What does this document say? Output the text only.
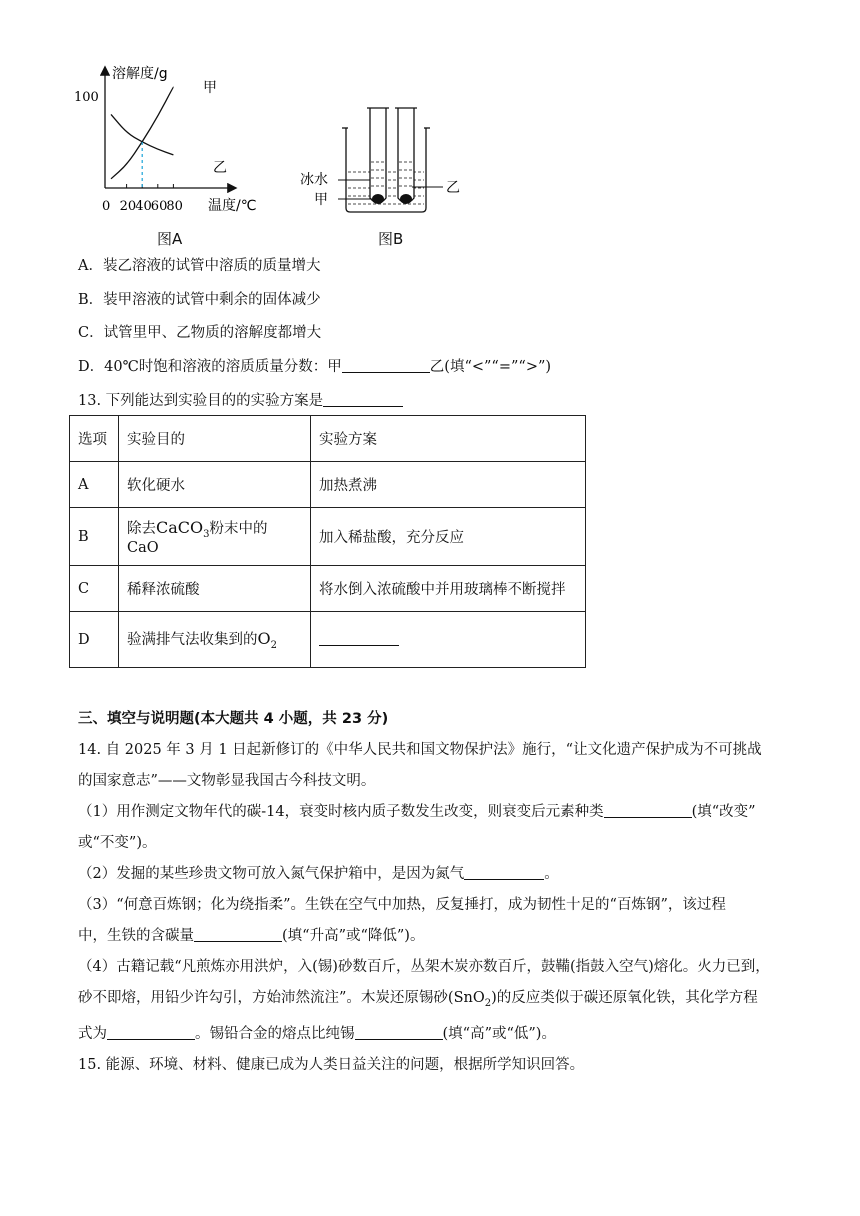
0 20 40 60 80
溶解度/g
100
甲
乙
温度/℃
图A
冰水
甲
乙
图B
A．装乙溶液的试管中溶质的质量增大
B．装甲溶液的试管中剩余的固体减少
C．试管里甲、乙物质的溶解度都增大
D．40℃时饱和溶液的溶质质量分数：甲	乙(填“<”“=”“>”)
13. 下列能达到实验目的的实验方案是
选项	实验目的	实验方案
A	软化硬水	加热煮沸
B	除去CaCO$_3$粉末中的 CaO	加入稀盐酸，充分反应
C	稀释浓硫酸	将水倒入浓硫酸中并用玻璃棒不断搅拌
D	验满排气法收集到的$O_2$	
三、填空与说明题(本大题共 4 小题，共 23 分)
14. 自 2025 年 3 月 1 日起新修订的《中华人民共和国文物保护法》施行，“让文化遗产保护成为不可挑战
的国家意志”——文物彰显我国古今科技文明。
（1）用作测定文物年代的碳-14，衰变时核内质子数发生改变，则衰变后元素种类	(填“改变”
或“不变”)。
（2）发掘的某些珍贵文物可放入氮气保护箱中，是因为氮气	。
（3）“何意百炼钢；化为绕指柔”。生铁在空气中加热，反复捶打，成为韧性十足的“百炼钢”，该过程
中，生铁的含碳量	(填“升高”或“降低”)。
（4）古籍记载“凡煎炼亦用洪炉，入(锡)砂数百斤，丛架木炭亦数百斤，鼓鞴(指鼓入空气)熔化。火力已到，
砂不即熔，用铅少许勾引，方始沛然流注”。木炭还原锡砂(SnO$_2$)的反应类似于碳还原氧化铁，其化学方程
式为	。锡铅合金的熔点比纯锡	(填“高”或“低”)。
15. 能源、环境、材料、健康已成为人类日益关注的问题，根据所学知识回答。
